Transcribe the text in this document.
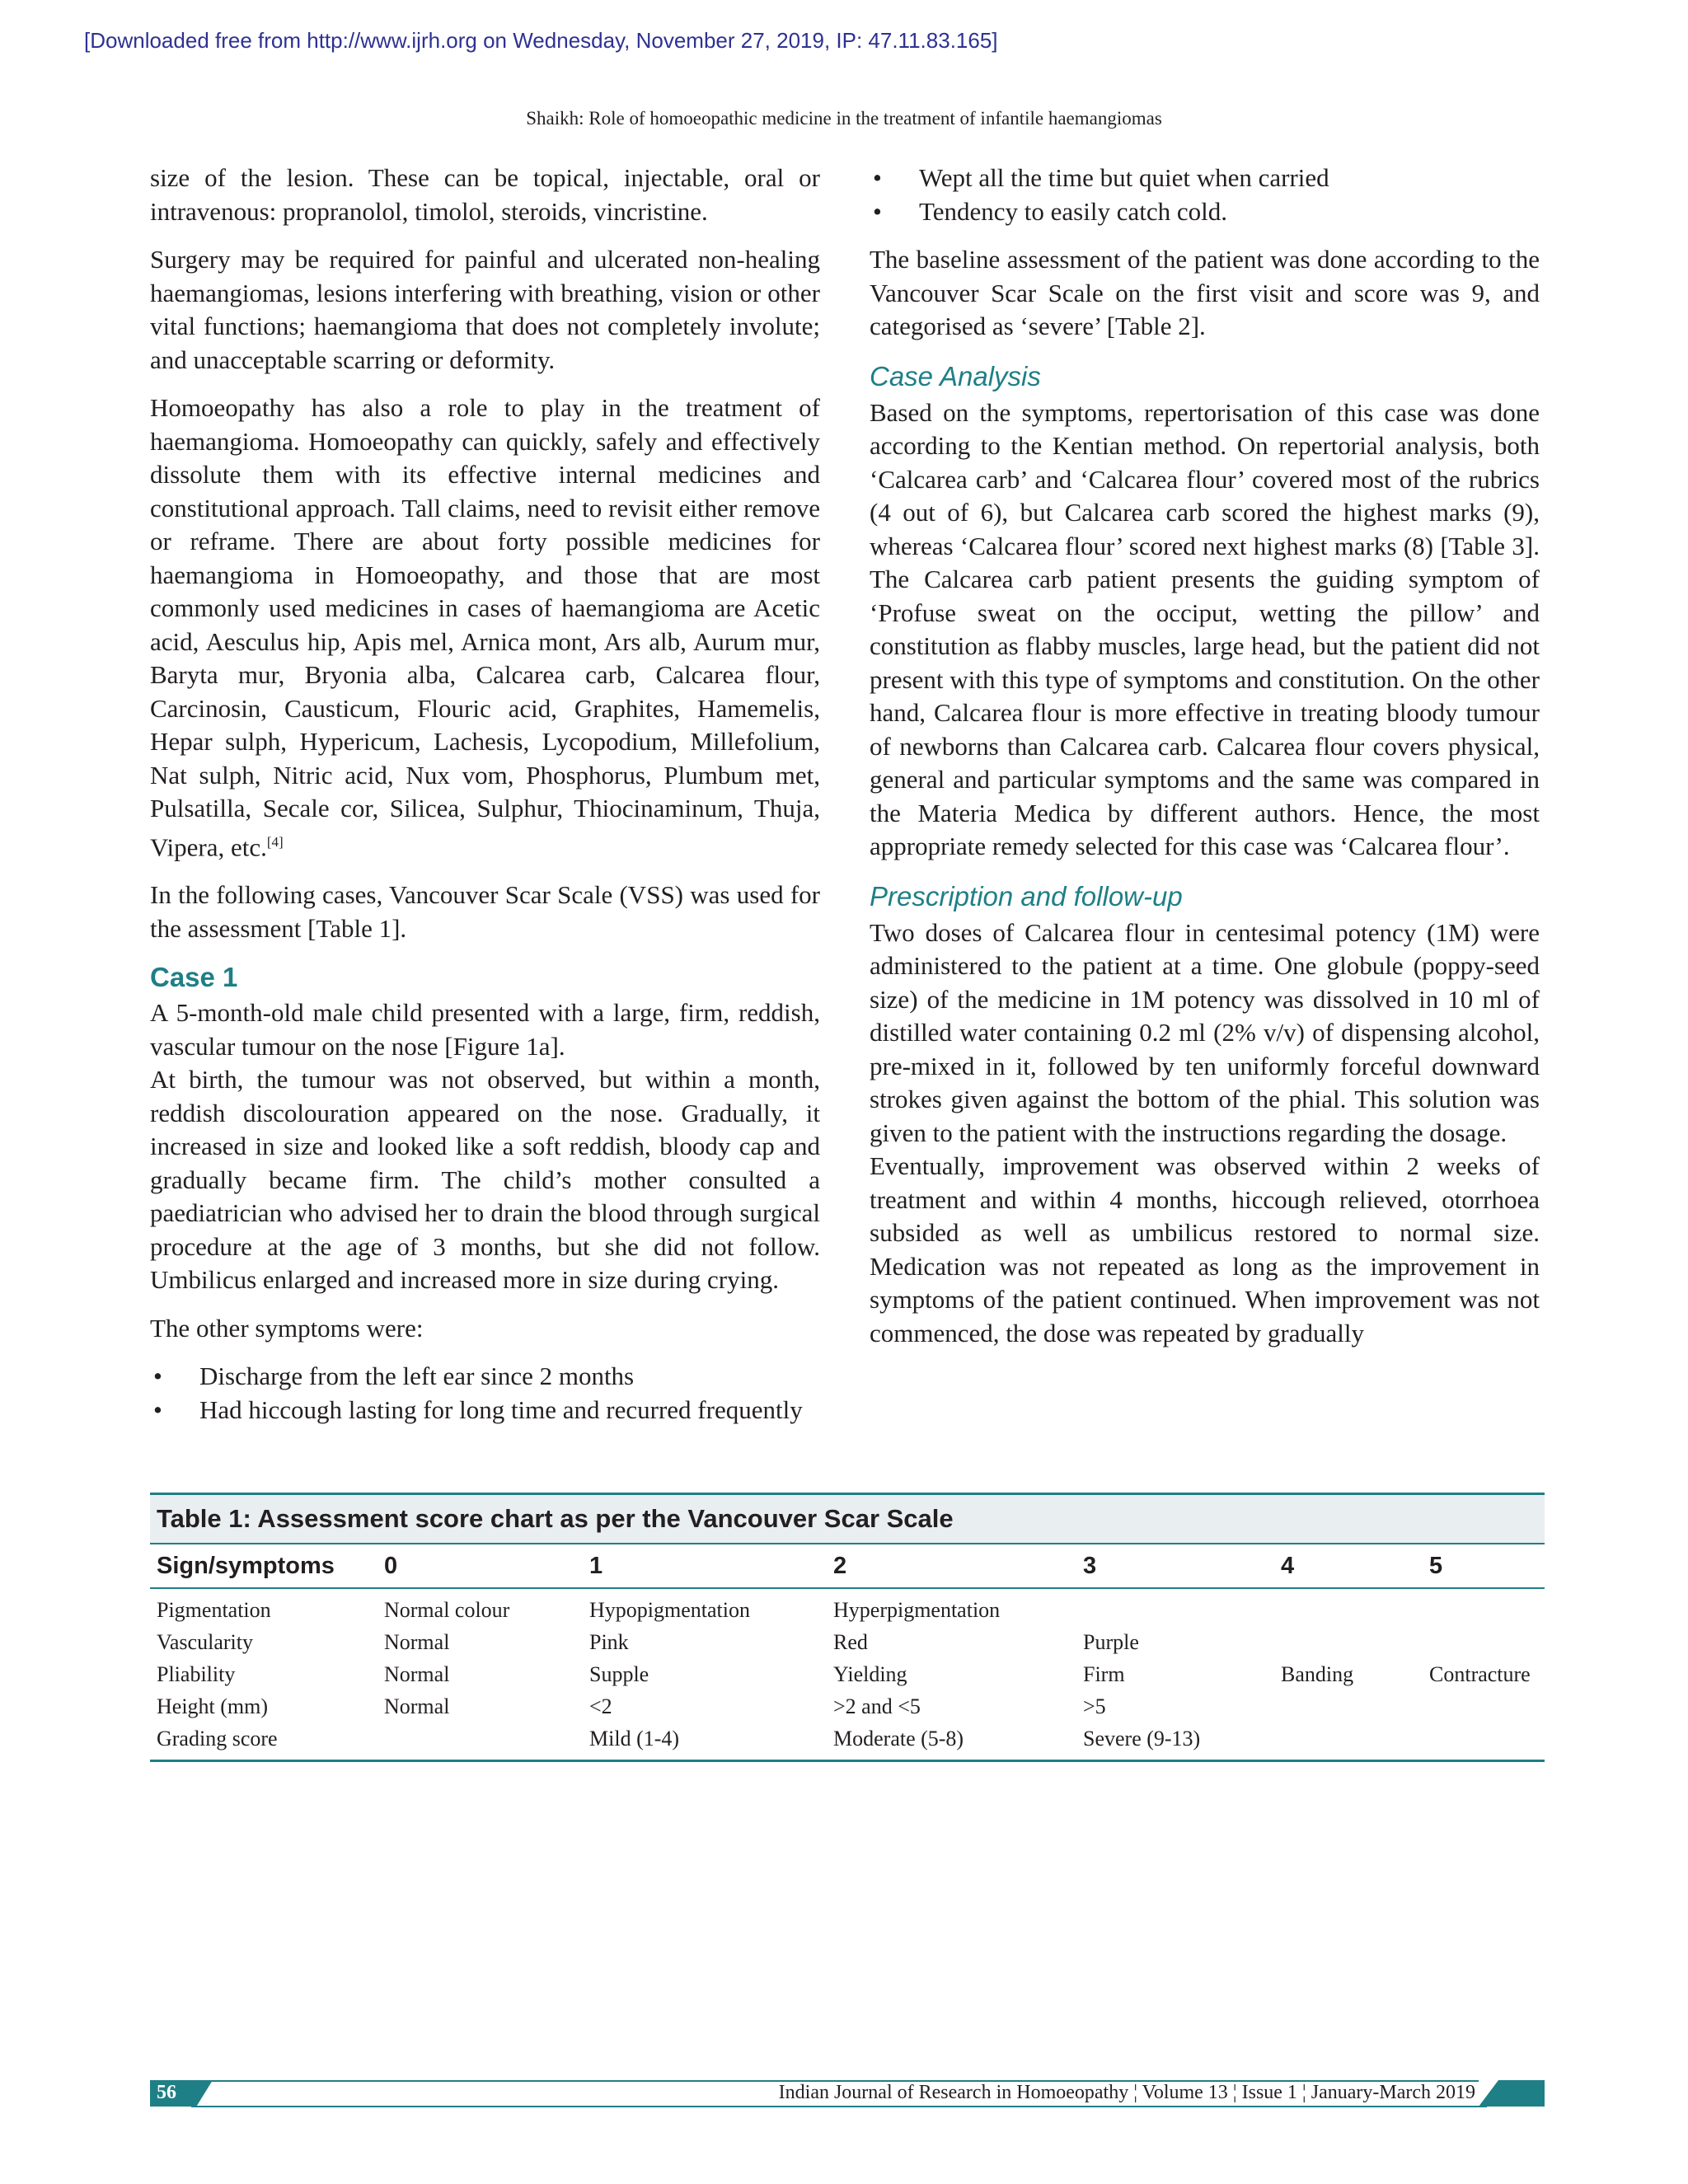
[Downloaded free from http://www.ijrh.org on Wednesday, November 27, 2019, IP: 47.11.83.165]

Shaikh: Role of homoeopathic medicine in the treatment of infantile haemangiomas

size of the lesion. These can be topical, injectable, oral or intravenous: propranolol, timolol, steroids, vincristine.

Surgery may be required for painful and ulcerated non-healing haemangiomas, lesions interfering with breathing, vision or other vital functions; haemangioma that does not completely involute; and unacceptable scarring or deformity.

Homoeopathy has also a role to play in the treatment of haemangioma. Homoeopathy can quickly, safely and effectively dissolute them with its effective internal medicines and constitutional approach. Tall claims, need to revisit either remove or reframe. There are about forty possible medicines for haemangioma in Homoeopathy, and those that are most commonly used medicines in cases of haemangioma are Acetic acid, Aesculus hip, Apis mel, Arnica mont, Ars alb, Aurum mur, Baryta mur, Bryonia alba, Calcarea carb, Calcarea flour, Carcinosin, Causticum, Flouric acid, Graphites, Hamemelis, Hepar sulph, Hypericum, Lachesis, Lycopodium, Millefolium, Nat sulph, Nitric acid, Nux vom, Phosphorus, Plumbum met, Pulsatilla, Secale cor, Silicea, Sulphur, Thiocinaminum, Thuja, Vipera, etc.[4]

In the following cases, Vancouver Scar Scale (VSS) was used for the assessment [Table 1].

Case 1

A 5-month-old male child presented with a large, firm, reddish, vascular tumour on the nose [Figure 1a].

At birth, the tumour was not observed, but within a month, reddish discolouration appeared on the nose. Gradually, it increased in size and looked like a soft reddish, bloody cap and gradually became firm. The child’s mother consulted a paediatrician who advised her to drain the blood through surgical procedure at the age of 3 months, but she did not follow. Umbilicus enlarged and increased more in size during crying.

The other symptoms were:

• Discharge from the left ear since 2 months
• Had hiccough lasting for long time and recurred frequently
• Wept all the time but quiet when carried
• Tendency to easily catch cold.

The baseline assessment of the patient was done according to the Vancouver Scar Scale on the first visit and score was 9, and categorised as ‘severe’ [Table 2].

Case Analysis

Based on the symptoms, repertorisation of this case was done according to the Kentian method. On repertorial analysis, both ‘Calcarea carb’ and ‘Calcarea flour’ covered most of the rubrics (4 out of 6), but Calcarea carb scored the highest marks (9), whereas ‘Calcarea flour’ scored next highest marks (8) [Table 3]. The Calcarea carb patient presents the guiding symptom of ‘Profuse sweat on the occiput, wetting the pillow’ and constitution as flabby muscles, large head, but the patient did not present with this type of symptoms and constitution. On the other hand, Calcarea flour is more effective in treating bloody tumour of newborns than Calcarea carb. Calcarea flour covers physical, general and particular symptoms and the same was compared in the Materia Medica by different authors. Hence, the most appropriate remedy selected for this case was ‘Calcarea flour’.

Prescription and follow-up

Two doses of Calcarea flour in centesimal potency (1M) were administered to the patient at a time. One globule (poppy-seed size) of the medicine in 1M potency was dissolved in 10 ml of distilled water containing 0.2 ml (2% v/v) of dispensing alcohol, pre-mixed in it, followed by ten uniformly forceful downward strokes given against the bottom of the phial. This solution was given to the patient with the instructions regarding the dosage.

Eventually, improvement was observed within 2 weeks of treatment and within 4 months, hiccough relieved, otorrhoea subsided as well as umbilicus restored to normal size. Medication was not repeated as long as the improvement in symptoms of the patient continued. When improvement was not commenced, the dose was repeated by gradually

Table 1: Assessment score chart as per the Vancouver Scar Scale
Sign/symptoms	0	1	2	3	4	5
Pigmentation	Normal colour	Hypopigmentation	Hyperpigmentation			
Vascularity	Normal	Pink	Red	Purple		
Pliability	Normal	Supple	Yielding	Firm	Banding	Contracture
Height (mm)	Normal	<2	>2 and <5	>5		
Grading score		Mild (1-4)	Moderate (5-8)	Severe (9-13)		
56	Indian Journal of Research in Homoeopathy ¦ Volume 13 ¦ Issue 1 ¦ January-March 2019
